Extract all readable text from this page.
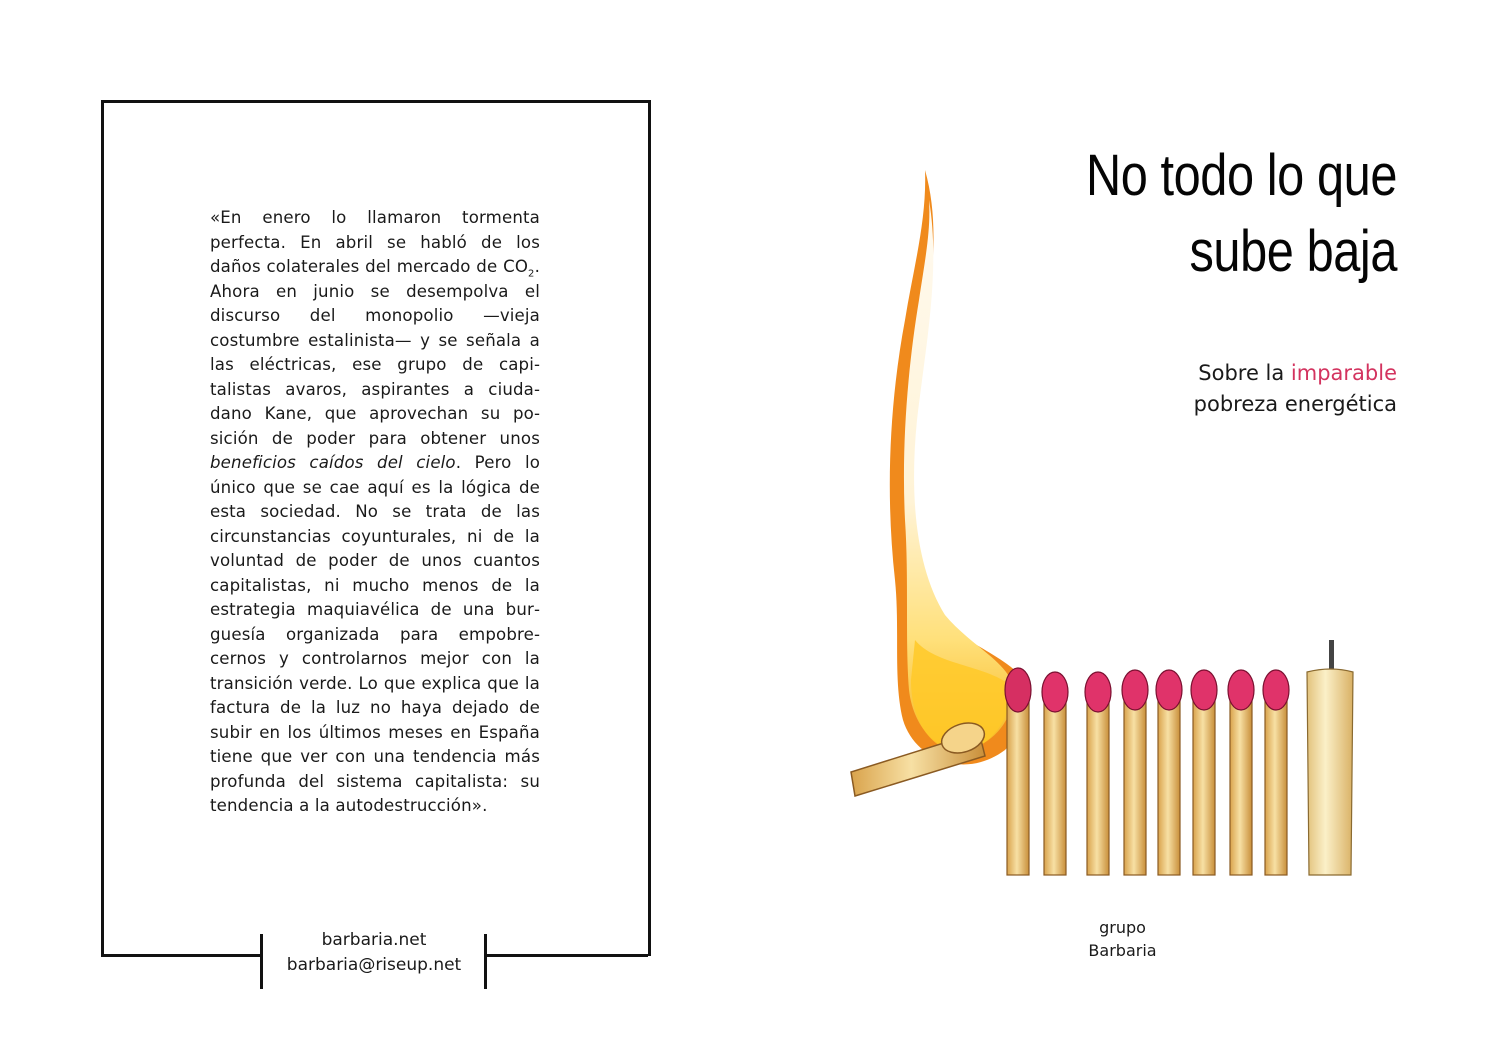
«En enero lo llamaron tormenta perfecta. En abril se habló de los daños colaterales del mercado de $CO_2$. Ahora en junio se desempolva el discurso del monopolio —vieja costumbre estalinista— y se señala a las eléctricas, ese grupo de capitalistas avaros, aspirantes a ciudadano Kane, que aprovechan su posición de poder para obtener unos beneficios caídos del cielo. Pero lo único que se cae aquí es la lógica de esta sociedad. No se trata de las circunstancias coyunturales, ni de la voluntad de poder de unos cuantos capitalistas, ni mucho menos de la estrategia maquiavélica de una burguesía organizada para empobrecernos y controlarnos mejor con la transición verde. Lo que explica que la factura de la luz no haya dejado de subir en los últimos meses en España tiene que ver con una tendencia más profunda del sistema capitalista: su tendencia a la autodestrucción».
barbaria.net
barbaria@riseup.net
No todo lo que
sube baja
Sobre la imparable
pobreza energética
grupo
Barbaria
